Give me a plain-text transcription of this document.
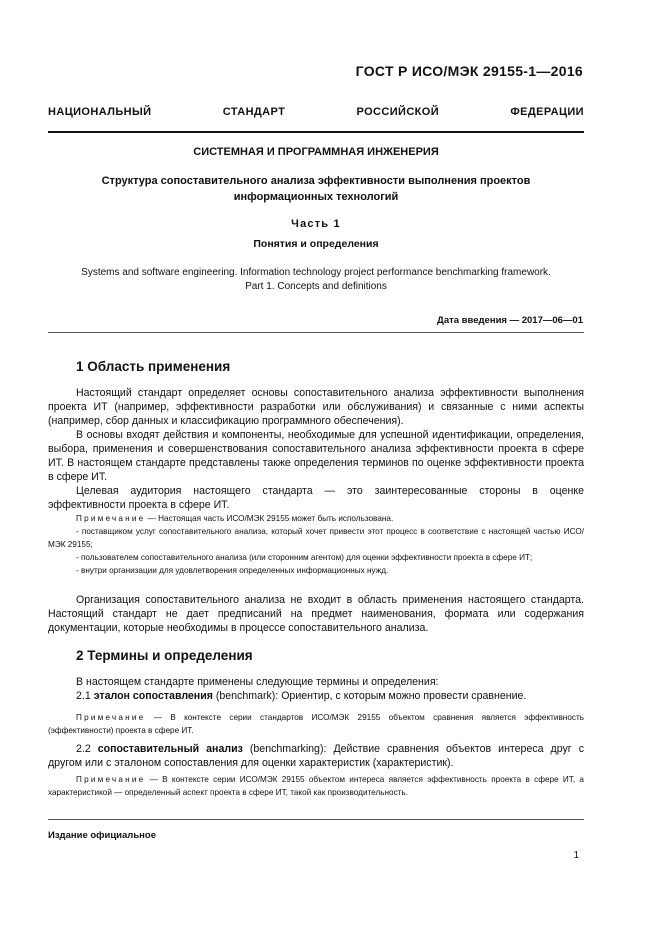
ГОСТ Р ИСО/МЭК 29155-1—2016
НАЦИОНАЛЬНЫЙ СТАНДАРТ РОССИЙСКОЙ ФЕДЕРАЦИИ
СИСТЕМНАЯ И ПРОГРАММНАЯ ИНЖЕНЕРИЯ
Структура сопоставительного анализа эффективности выполнения проектов
информационных технологий
Часть 1
Понятия и определения
Systems and software engineering. Information technology project performance benchmarking framework.
Part 1. Concepts and definitions
Дата введения — 2017—06—01
1 Область применения

Настоящий стандарт определяет основы сопоставительного анализа эффективности выполнения проекта ИТ (например, эффективности разработки или обслуживания) и связанные с ними аспекты (например, сбор данных и классификацию программного обеспечения).

В основы входят действия и компоненты, необходимые для успешной идентификации, определения, выбора, применения и совершенствования сопоставительного анализа эффективности проекта в сфере ИТ. В настоящем стандарте представлены также определения терминов по оценке эффективности проекта в сфере ИТ.

Целевая аудитория настоящего стандарта — это заинтересованные стороны в оценке эффективности проекта в сфере ИТ.

Примечание — Настоящая часть ИСО/МЭК 29155 может быть использована.

- поставщиком услуг сопоставительного анализа, который хочет привести этот процесс в соответствие с настоящей частью ИСО/МЭК 29155;

- пользователем сопоставительного анализа (или сторонним агентом) для оценки эффективности проекта в сфере ИТ;

- внутри организации для удовлетворения определенных информационных нужд.

Организация сопоставительного анализа не входит в область применения настоящего стандарта. Настоящий стандарт не дает предписаний на предмет наименования, формата или содержания документации, которые необходимы в процессе сопоставительного анализа.

2 Термины и определения

В настоящем стандарте применены следующие термины и определения:

2.1 эталон сопоставления (benchmark): Ориентир, с которым можно провести сравнение.

Примечание — В контексте серии стандартов ИСО/МЭК 29155 объектом сравнения является эффективность (эффективности) проекта в сфере ИТ.

2.2 сопоставительный анализ (benchmarking): Действие сравнения объектов интереса друг с другом или с эталоном сопоставления для оценки характеристик (характеристик).

Примечание — В контексте серии ИСО/МЭК 29155 объектом интереса является эффективность проекта в сфере ИТ, а характеристикой — определенный аспект проекта в сфере ИТ, такой как производительность.

Издание официальное
1
